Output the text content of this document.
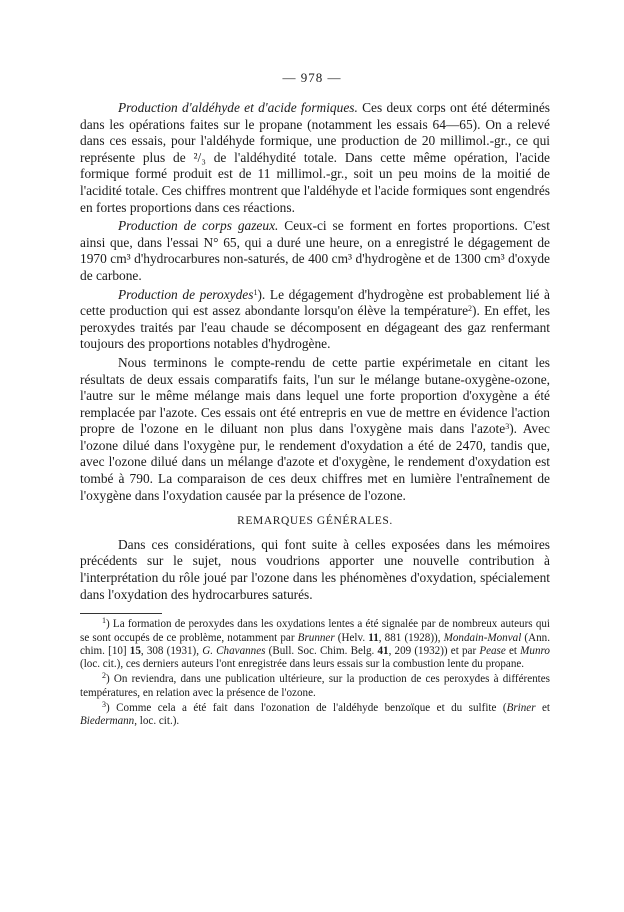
— 978 —

Production d'aldéhyde et d'acide formiques. Ces deux corps ont été déterminés dans les opérations faites sur le propane (notamment les essais 64—65). On a relevé dans ces essais, pour l'aldéhyde formique, une production de 20 millimol.-gr., ce qui représente plus de ²/₃ de l'aldéhydité totale. Dans cette même opération, l'acide formique formé produit est de 11 millimol.-gr., soit un peu moins de la moitié de l'acidité totale. Ces chiffres montrent que l'aldéhyde et l'acide formiques sont engendrés en fortes proportions dans ces réactions.

Production de corps gazeux. Ceux-ci se forment en fortes proportions. C'est ainsi que, dans l'essai N° 65, qui a duré une heure, on a enregistré le dégagement de 1970 cm³ d'hydrocarbures non-saturés, de 400 cm³ d'hydrogène et de 1300 cm³ d'oxyde de carbone.

Production de peroxydes$^1$). Le dégagement d'hydrogène est probablement lié à cette production qui est assez abondante lorsqu'on élève la température$^2$). En effet, les peroxydes traités par l'eau chaude se décomposent en dégageant des gaz renfermant toujours des proportions notables d'hydrogène.

Nous terminons le compte-rendu de cette partie expérimetale en citant les résultats de deux essais comparatifs faits, l'un sur le mélange butane-oxygène-ozone, l'autre sur le même mélange mais dans lequel une forte proportion d'oxygène a été remplacée par l'azote. Ces essais ont été entrepris en vue de mettre en évidence l'action propre de l'ozone en le diluant non plus dans l'oxygène mais dans l'azote$^3$). Avec l'ozone dilué dans l'oxygène pur, le rendement d'oxydation a été de 2470, tandis que, avec l'ozone dilué dans un mélange d'azote et d'oxygène, le rendement d'oxydation est tombé à 790. La comparaison de ces deux chiffres met en lumière l'entraînement de l'oxygène dans l'oxydation causée par la présence de l'ozone.

REMARQUES GÉNÉRALES.

Dans ces considérations, qui font suite à celles exposées dans les mémoires précédents sur le sujet, nous voudrions apporter une nouvelle contribution à l'interprétation du rôle joué par l'ozone dans les phénomènes d'oxydation, spécialement dans l'oxydation des hydrocarbures saturés.

$^1$) La formation de peroxydes dans les oxydations lentes a été signalée par de nombreux auteurs qui se sont occupés de ce problème, notamment par Brunner (Helv. 11, 881 (1928)), Mondain-Monval (Ann. chim. [10] 15, 308 (1931), G. Chavannes (Bull. Soc. Chim. Belg. 41, 209 (1932)) et par Pease et Munro (loc. cit.), ces derniers auteurs l'ont enregistrée dans leurs essais sur la combustion lente du propane.

$^2$) On reviendra, dans une publication ultérieure, sur la production de ces peroxydes à différentes températures, en relation avec la présence de l'ozone.

$^3$) Comme cela a été fait dans l'ozonation de l'aldéhyde benzoïque et du sulfite (Briner et Biedermann, loc. cit.).
